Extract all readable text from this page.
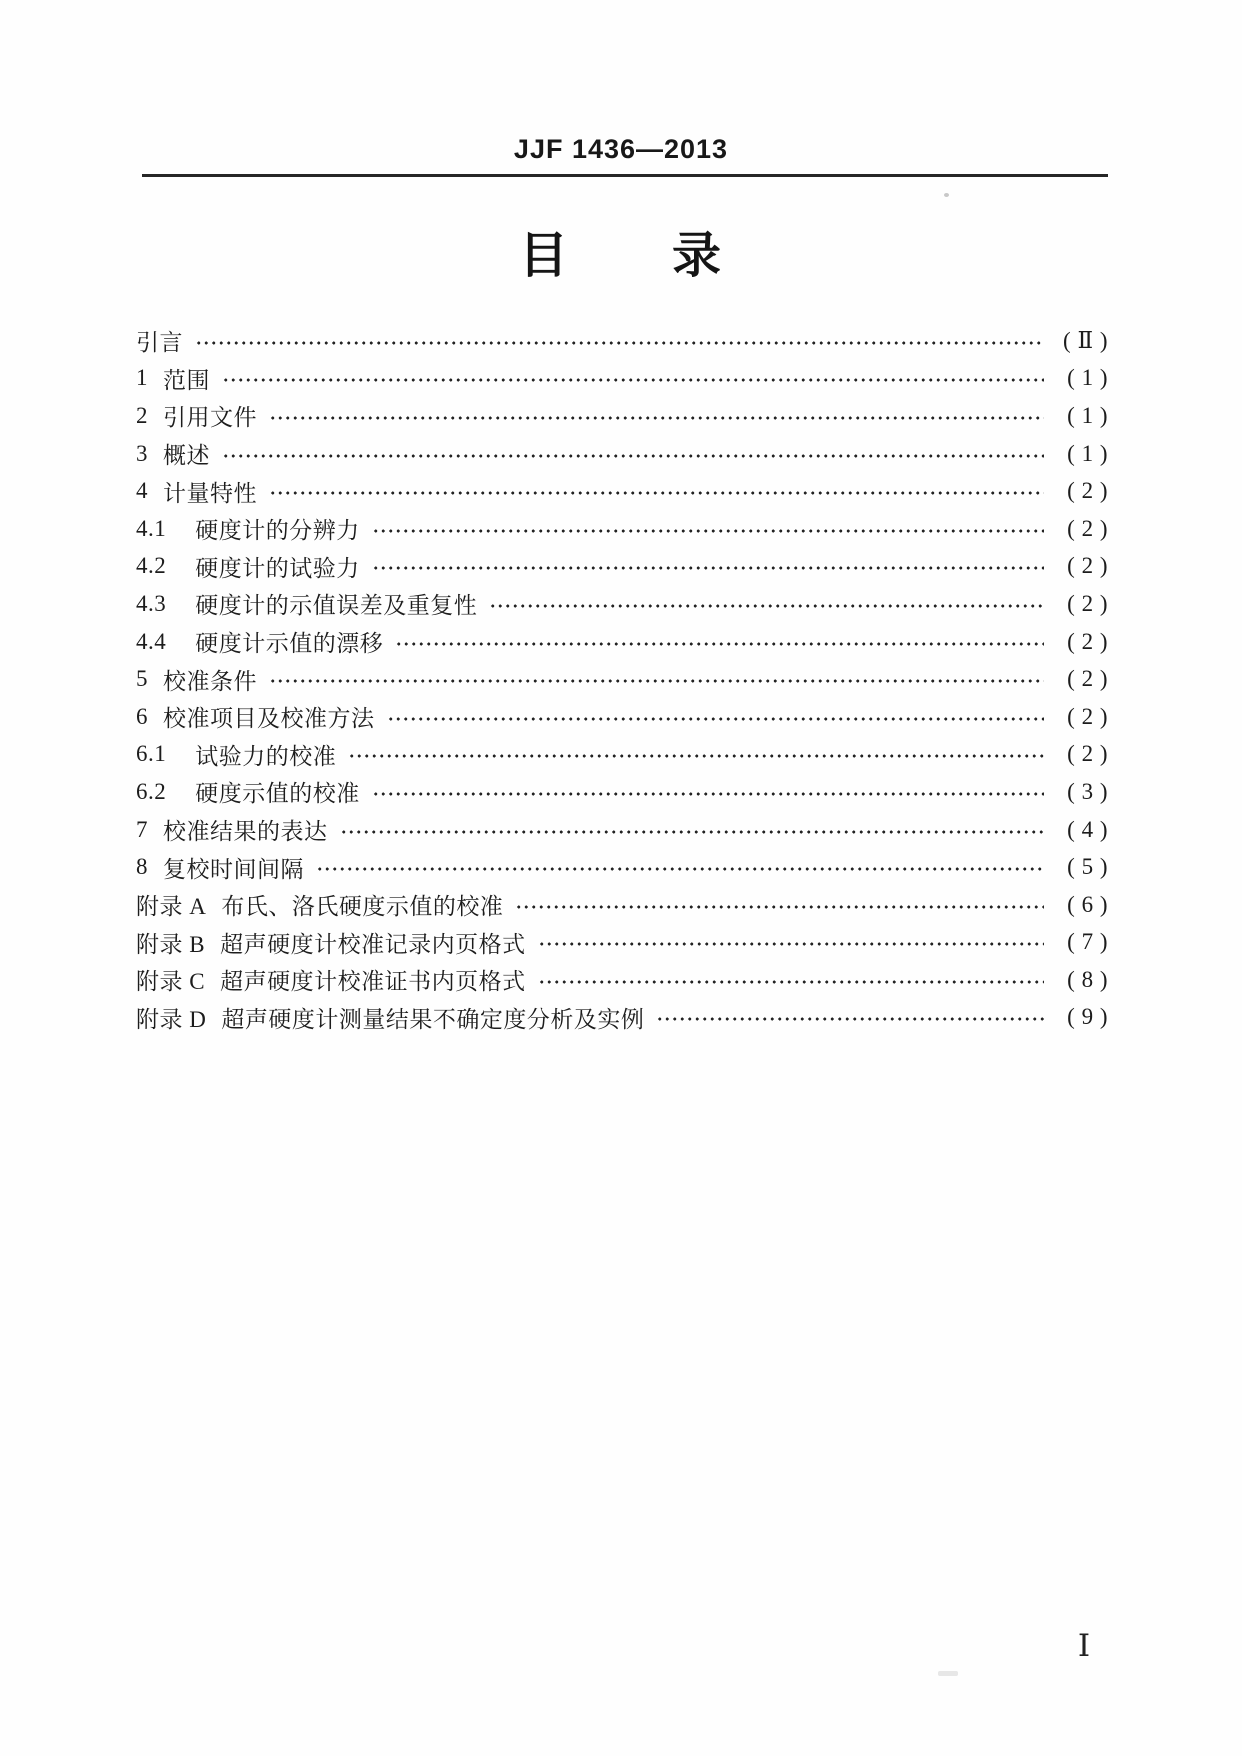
JJF 1436—2013
目　　录
引言	( Ⅱ )
1 范围	( 1 )
2 引用文件	( 1 )
3 概述	( 1 )
4 计量特性	( 2 )
4.1 硬度计的分辨力	( 2 )
4.2 硬度计的试验力	( 2 )
4.3 硬度计的示值误差及重复性	( 2 )
4.4 硬度计示值的漂移	( 2 )
5 校准条件	( 2 )
6 校准项目及校准方法	( 2 )
6.1 试验力的校准	( 2 )
6.2 硬度示值的校准	( 3 )
7 校准结果的表达	( 4 )
8 复校时间间隔	( 5 )
附录 A 布氏、洛氏硬度示值的校准	( 6 )
附录 B 超声硬度计校准记录内页格式	( 7 )
附录 C 超声硬度计校准证书内页格式	( 8 )
附录 D 超声硬度计测量结果不确定度分析及实例	( 9 )
Ⅰ
